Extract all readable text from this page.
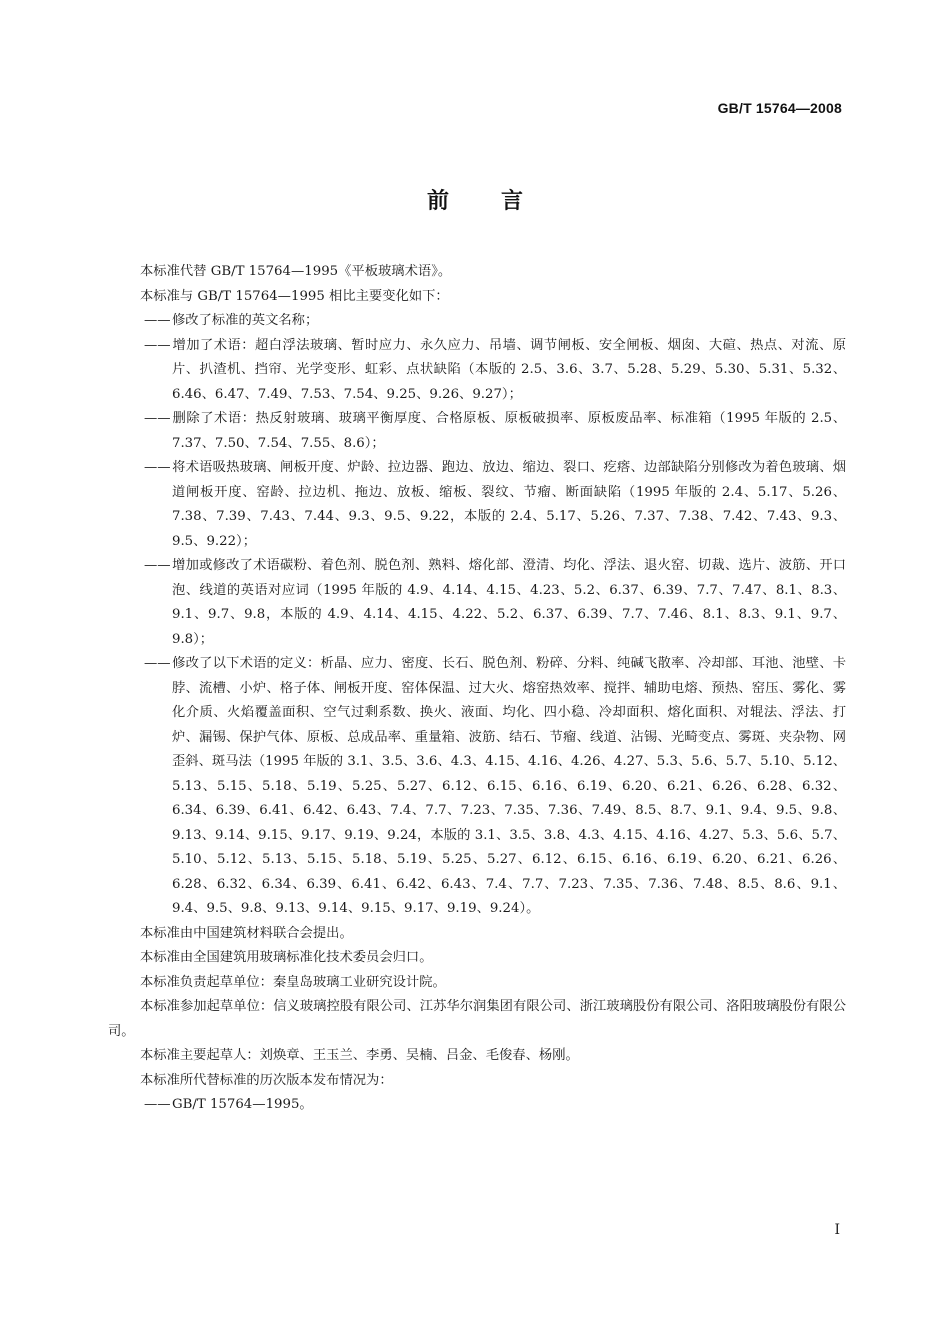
GB/T 15764—2008
前言

本标准代替 GB/T 15764—1995《平板玻璃术语》。

本标准与 GB/T 15764—1995 相比主要变化如下：

——修改了标准的英文名称；

——增加了术语：超白浮法玻璃、暂时应力、永久应力、吊墙、调节闸板、安全闸板、烟囱、大碹、热点、对流、原片、扒渣机、挡帘、光学变形、虹彩、点状缺陷（本版的 2.5、3.6、3.7、5.28、5.29、5.30、5.31、5.32、6.46、6.47、7.49、7.53、7.54、9.25、9.26、9.27）；

——删除了术语：热反射玻璃、玻璃平衡厚度、合格原板、原板破损率、原板废品率、标准箱（1995 年版的 2.5、7.37、7.50、7.54、7.55、8.6）；

——将术语吸热玻璃、闸板开度、炉龄、拉边器、跑边、放边、缩边、裂口、疙瘩、边部缺陷分别修改为着色玻璃、烟道闸板开度、窑龄、拉边机、拖边、放板、缩板、裂纹、节瘤、断面缺陷（1995 年版的 2.4、5.17、5.26、7.38、7.39、7.43、7.44、9.3、9.5、9.22，本版的 2.4、5.17、5.26、7.37、7.38、7.42、7.43、9.3、9.5、9.22）；

——增加或修改了术语碳粉、着色剂、脱色剂、熟料、熔化部、澄清、均化、浮法、退火窑、切裁、选片、波筋、开口泡、线道的英语对应词（1995 年版的 4.9、4.14、4.15、4.23、5.2、6.37、6.39、7.7、7.47、8.1、8.3、9.1、9.7、9.8，本版的 4.9、4.14、4.15、4.22、5.2、6.37、6.39、7.7、7.46、8.1、8.3、9.1、9.7、9.8）；

——修改了以下术语的定义：析晶、应力、密度、长石、脱色剂、粉碎、分料、纯碱飞散率、冷却部、耳池、池壁、卡脖、流槽、小炉、格子体、闸板开度、窑体保温、过大火、熔窑热效率、搅拌、辅助电熔、预热、窑压、雾化、雾化介质、火焰覆盖面积、空气过剩系数、换火、液面、均化、四小稳、冷却面积、熔化面积、对辊法、浮法、打炉、漏锡、保护气体、原板、总成品率、重量箱、波筋、结石、节瘤、线道、沾锡、光畸变点、雾斑、夹杂物、网歪斜、斑马法（1995 年版的 3.1、3.5、3.6、4.3、4.15、4.16、4.26、4.27、5.3、5.6、5.7、5.10、5.12、5.13、5.15、5.18、5.19、5.25、5.27、6.12、6.15、6.16、6.19、6.20、6.21、6.26、6.28、6.32、6.34、6.39、6.41、6.42、6.43、7.4、7.7、7.23、7.35、7.36、7.49、8.5、8.7、9.1、9.4、9.5、9.8、9.13、9.14、9.15、9.17、9.19、9.24，本版的 3.1、3.5、3.8、4.3、4.15、4.16、4.27、5.3、5.6、5.7、5.10、5.12、5.13、5.15、5.18、5.19、5.25、5.27、6.12、6.15、6.16、6.19、6.20、6.21、6.26、6.28、6.32、6.34、6.39、6.41、6.42、6.43、7.4、7.7、7.23、7.35、7.36、7.48、8.5、8.6、9.1、9.4、9.5、9.8、9.13、9.14、9.15、9.17、9.19、9.24）。

本标准由中国建筑材料联合会提出。

本标准由全国建筑用玻璃标准化技术委员会归口。

本标准负责起草单位：秦皇岛玻璃工业研究设计院。

本标准参加起草单位：信义玻璃控股有限公司、江苏华尔润集团有限公司、浙江玻璃股份有限公司、洛阳玻璃股份有限公司。

本标准主要起草人：刘焕章、王玉兰、李勇、吴楠、吕金、毛俊春、杨刚。

本标准所代替标准的历次版本发布情况为：

——GB/T 15764—1995。

I
